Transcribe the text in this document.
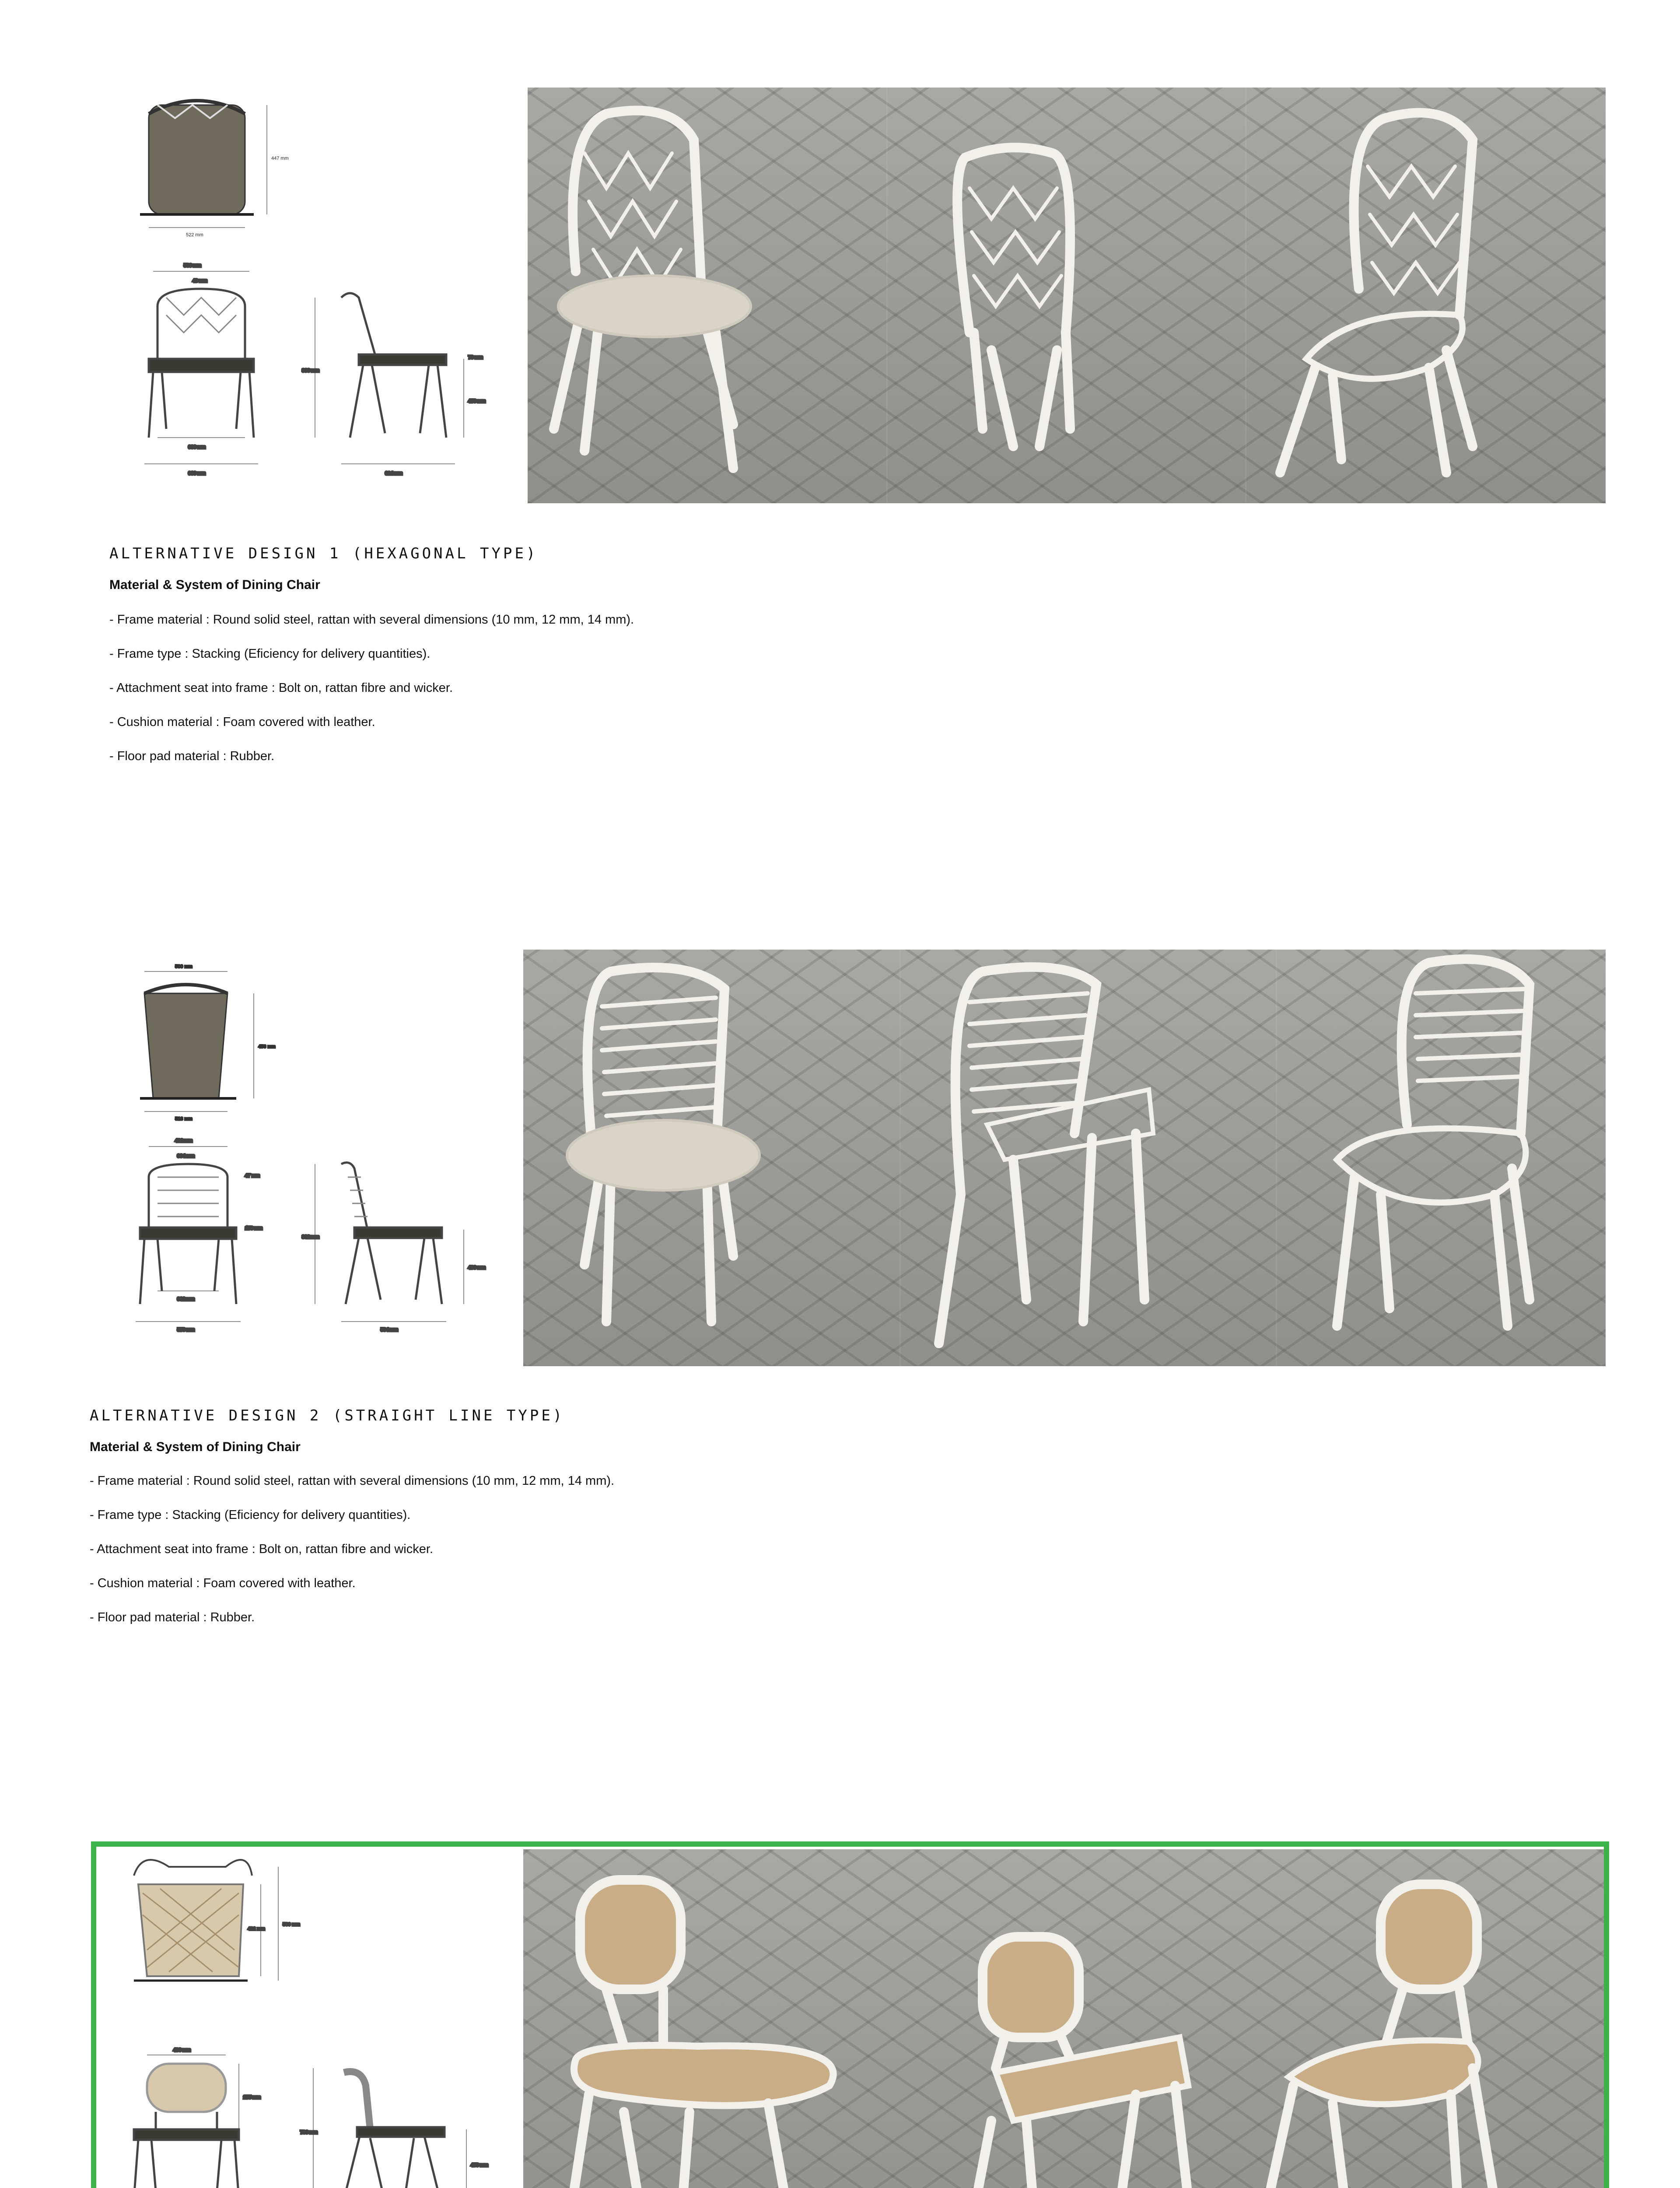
447 mm
522 mm
566 mm
40 mm
600 mm
660 mm
880 mm
473 mm
70 mm
624 mm
ALTERNATIVE DESIGN 1 (HEXAGONAL TYPE)
Material & System of Dining Chair
- Frame material : Round solid steel, rattan with several dimensions (10 mm, 12 mm, 14 mm).
- Frame type : Stacking (Eficiency for delivery quantities).
- Attachment seat into frame : Bolt on, rattan fibre and wicker.
- Cushion material : Foam covered with leather.
- Floor pad material : Rubber.
500 mm
456 mm
518 mm
432 mm
334 mm
392 mm
578 mm
47 mm
176 mm
832 mm
460 mm
584 mm
ALTERNATIVE DESIGN 2 (STRAIGHT LINE TYPE)
Material & System of Dining Chair
- Frame material : Round solid steel, rattan with several dimensions (10 mm, 12 mm, 14 mm).
- Frame type : Stacking (Eficiency for delivery quantities).
- Attachment seat into frame : Bolt on, rattan fibre and wicker.
- Cushion material : Foam covered with leather.
- Floor pad material : Rubber.
422 mm
560 mm
430 mm
275 mm
798 mm
450 mm
